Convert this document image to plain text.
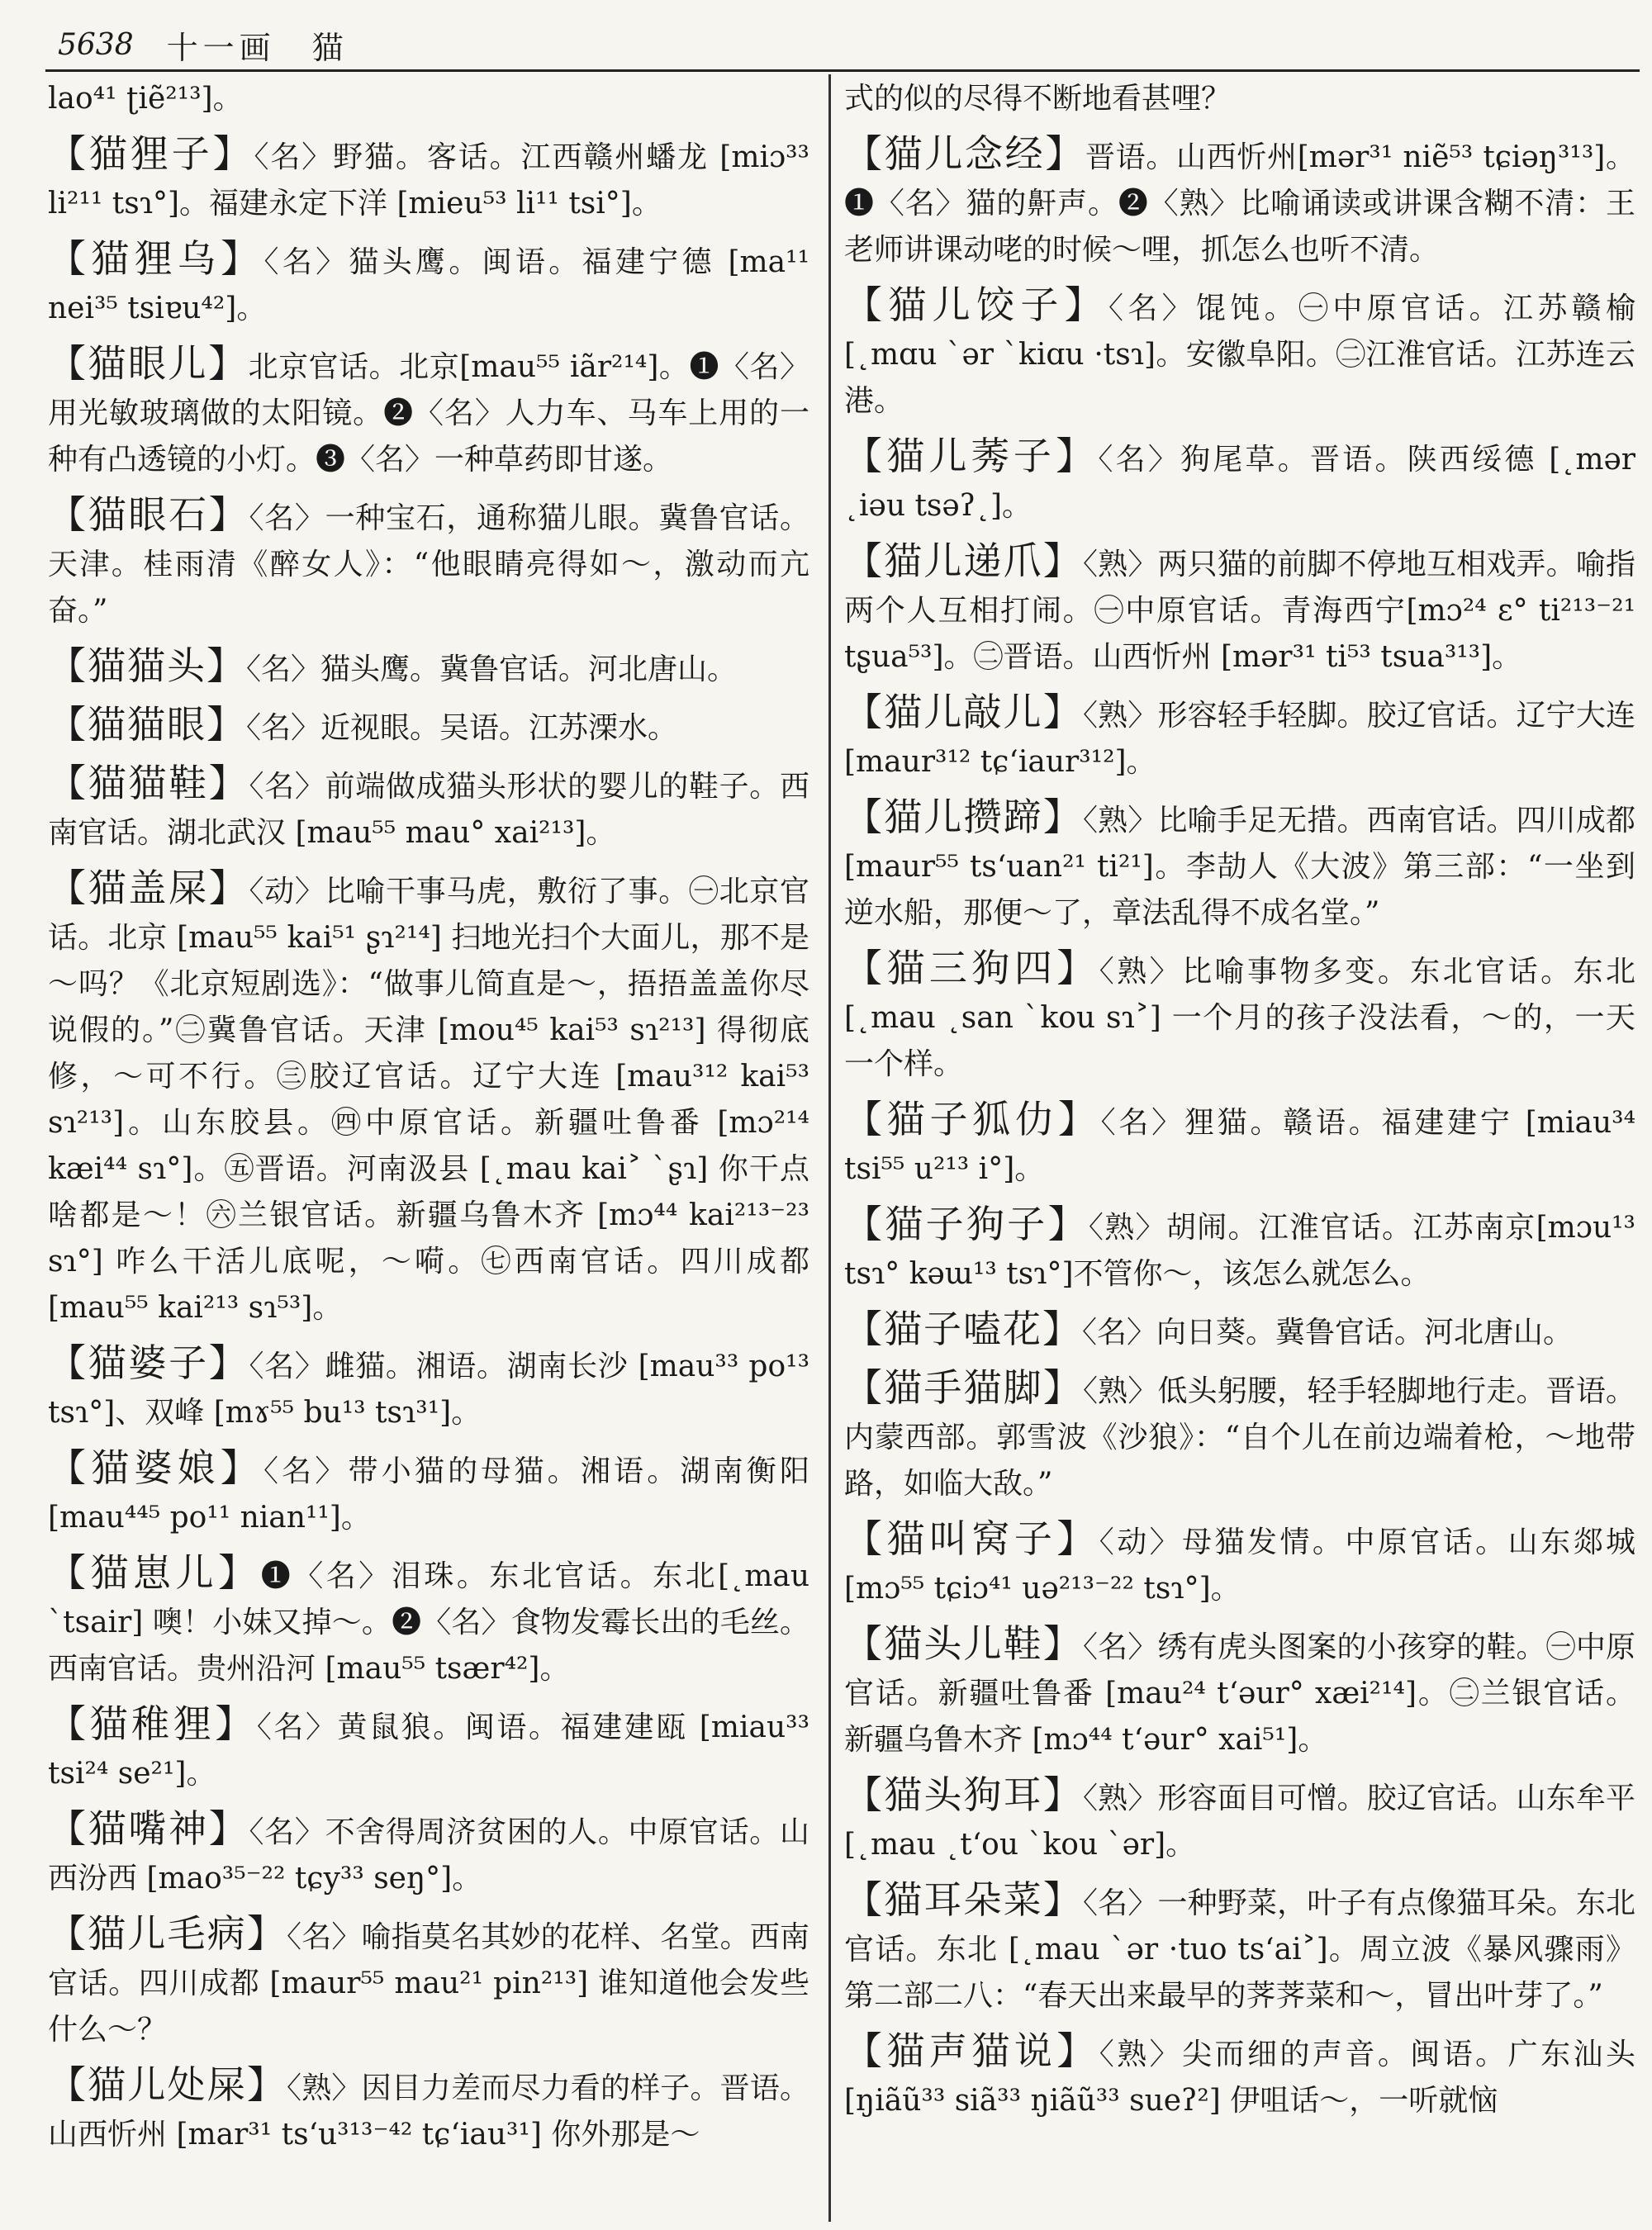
5638 十一画　猫

lao⁴¹ ʈiẽ²¹³]。

【猫狸子】〈名〉野猫。客话。江西赣州蟠龙 [miɔ³³ li²¹¹ tsɿ°]。福建永定下洋 [mieu⁵³ li¹¹ tsi°]。

【猫狸乌】〈名〉猫头鹰。闽语。福建宁德 [ma¹¹ nei³⁵ tsiɐu⁴²]。

【猫眼儿】北京官话。北京[mau⁵⁵ iãr²¹⁴]。❶〈名〉用光敏玻璃做的太阳镜。❷〈名〉人力车、马车上用的一种有凸透镜的小灯。❸〈名〉一种草药即甘遂。

【猫眼石】〈名〉一种宝石，通称猫儿眼。冀鲁官话。天津。桂雨清《醉女人》：“他眼睛亮得如～，激动而亢奋。”

【猫猫头】〈名〉猫头鹰。冀鲁官话。河北唐山。

【猫猫眼】〈名〉近视眼。吴语。江苏溧水。

【猫猫鞋】〈名〉前端做成猫头形状的婴儿的鞋子。西南官话。湖北武汉 [mau⁵⁵ mau° xai²¹³]。

【猫盖屎】〈动〉比喻干事马虎，敷衍了事。㊀北京官话。北京 [mau⁵⁵ kai⁵¹ ʂɿ²¹⁴] 扫地光扫个大面儿，那不是～吗？《北京短剧选》：“做事儿简直是～，捂捂盖盖你尽说假的。”㊁冀鲁官话。天津 [mou⁴⁵ kai⁵³ sɿ²¹³] 得彻底修，～可不行。㊂胶辽官话。辽宁大连 [mau³¹² kai⁵³ sɿ²¹³]。山东胶县。㊃中原官话。新疆吐鲁番 [mɔ²¹⁴ kæi⁴⁴ sɿ°]。㊄晋语。河南汲县 [˛mau kai˃ ˋʂɿ] 你干点啥都是～！㊅兰银官话。新疆乌鲁木齐 [mɔ⁴⁴ kai²¹³⁻²³ sɿ°] 咋么干活儿底呢，～嗬。㊆西南官话。四川成都 [mau⁵⁵ kai²¹³ sɿ⁵³]。

【猫婆子】〈名〉雌猫。湘语。湖南长沙 [mau³³ po¹³ tsɿ°]、双峰 [mɤ⁵⁵ bu¹³ tsɿ³¹]。

【猫婆娘】〈名〉带小猫的母猫。湘语。湖南衡阳 [mau⁴⁴⁵ po¹¹ nian¹¹]。

【猫崽儿】❶〈名〉泪珠。东北官话。东北[˛mau ˋtsair] 噢！小妹又掉～。❷〈名〉食物发霉长出的毛丝。西南官话。贵州沿河 [mau⁵⁵ tsær⁴²]。

【猫稚狸】〈名〉黄鼠狼。闽语。福建建瓯 [miau³³ tsi²⁴ se²¹]。

【猫嘴神】〈名〉不舍得周济贫困的人。中原官话。山西汾西 [mao³⁵⁻²² tɕy³³ seŋ°]。

【猫儿毛病】〈名〉喻指莫名其妙的花样、名堂。西南官话。四川成都 [maur⁵⁵ mau²¹ pin²¹³] 谁知道他会发些什么～？

【猫儿处屎】〈熟〉因目力差而尽力看的样子。晋语。山西忻州 [mar³¹ tsʻu³¹³⁻⁴² tɕʻiau³¹] 你外那是～

式的似的尽得不断地看甚哩？

【猫儿念经】晋语。山西忻州[mər³¹ niẽ⁵³ tɕiəŋ³¹³]。❶〈名〉猫的鼾声。❷〈熟〉比喻诵读或讲课含糊不清：王老师讲课动咾的时候～哩，抓怎么也听不清。

【猫儿饺子】〈名〉馄饨。㊀中原官话。江苏赣榆 [˛mɑu ˋər ˋkiɑu ·tsɿ]。安徽阜阳。㊁江淮官话。江苏连云港。

【猫儿莠子】〈名〉狗尾草。晋语。陕西绥德 [˛mər ˛iəu tsəʔ˛]。

【猫儿递爪】〈熟〉两只猫的前脚不停地互相戏弄。喻指两个人互相打闹。㊀中原官话。青海西宁[mɔ²⁴ ɛ° ti²¹³⁻²¹ tʂua⁵³]。㊁晋语。山西忻州 [mər³¹ ti⁵³ tsua³¹³]。

【猫儿敲儿】〈熟〉形容轻手轻脚。胶辽官话。辽宁大连 [maur³¹² tɕʻiaur³¹²]。

【猫儿攒蹄】〈熟〉比喻手足无措。西南官话。四川成都 [maur⁵⁵ tsʻuan²¹ ti²¹]。李劼人《大波》第三部：“一坐到逆水船，那便～了，章法乱得不成名堂。”

【猫三狗四】〈熟〉比喻事物多变。东北官话。东北 [˛mau ˛san ˋkou sɿ˃] 一个月的孩子没法看，～的，一天一个样。

【猫子狐仂】〈名〉狸猫。赣语。福建建宁 [miau³⁴ tsi⁵⁵ u²¹³ i°]。

【猫子狗子】〈熟〉胡闹。江淮官话。江苏南京[mɔu¹³ tsɿ° kəɯ¹³ tsɿ°]不管你～，该怎么就怎么。

【猫子嗑花】〈名〉向日葵。冀鲁官话。河北唐山。

【猫手猫脚】〈熟〉低头躬腰，轻手轻脚地行走。晋语。内蒙西部。郭雪波《沙狼》：“自个儿在前边端着枪，～地带路，如临大敌。”

【猫叫窝子】〈动〉母猫发情。中原官话。山东郯城 [mɔ⁵⁵ tɕiɔ⁴¹ uə²¹³⁻²² tsɿ°]。

【猫头儿鞋】〈名〉绣有虎头图案的小孩穿的鞋。㊀中原官话。新疆吐鲁番 [mau²⁴ tʻəur° xæi²¹⁴]。㊁兰银官话。新疆乌鲁木齐 [mɔ⁴⁴ tʻəur° xai⁵¹]。

【猫头狗耳】〈熟〉形容面目可憎。胶辽官话。山东牟平 [˛mau ˛tʻou ˋkou ˋər]。

【猫耳朵菜】〈名〉一种野菜，叶子有点像猫耳朵。东北官话。东北 [˛mau ˋər ·tuo tsʻai˃]。周立波《暴风骤雨》第二部二八：“春天出来最早的荠荠菜和～，冒出叶芽了。”

【猫声猫说】〈熟〉尖而细的声音。闽语。广东汕头 [ŋiãũ³³ siã³³ ŋiãũ³³ sueʔ²] 伊咀话～，一听就恼
